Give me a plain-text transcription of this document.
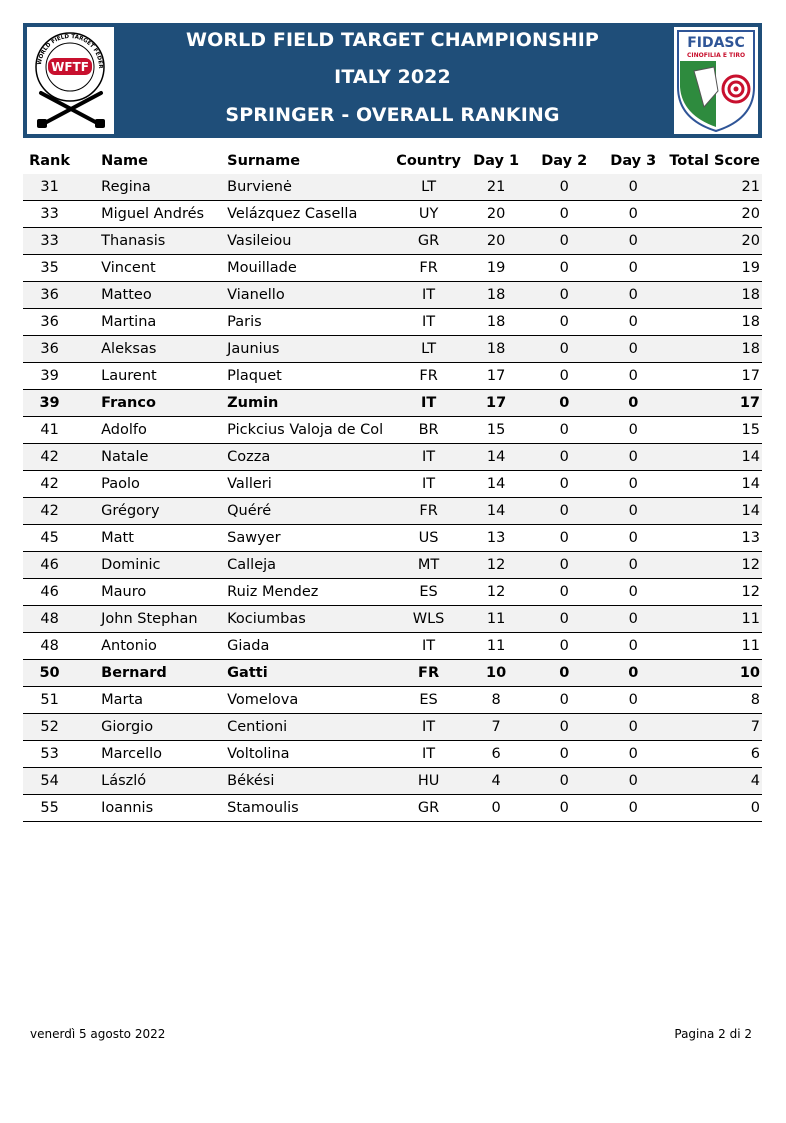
WORLD FIELD TARGET FEDER
WFTF
WORLD FIELD TARGET CHAMPIONSHIP
ITALY 2022
SPRINGER - OVERALL RANKING
FIDASC
CINOFILIA E TIRO
Rank	Name	Surname	Country	Day 1	Day 2	Day 3	Total Score
31	Regina	Burvienė	LT	21	0	0	21
33	Miguel Andrés	Velázquez Casella	UY	20	0	0	20
33	Thanasis	Vasileiou	GR	20	0	0	20
35	Vincent	Mouillade	FR	19	0	0	19
36	Matteo	Vianello	IT	18	0	0	18
36	Martina	Paris	IT	18	0	0	18
36	Aleksas	Jaunius	LT	18	0	0	18
39	Laurent	Plaquet	FR	17	0	0	17
39	Franco	Zumin	IT	17	0	0	17
41	Adolfo	Pickcius Valoja de Col	BR	15	0	0	15
42	Natale	Cozza	IT	14	0	0	14
42	Paolo	Valleri	IT	14	0	0	14
42	Grégory	Quéré	FR	14	0	0	14
45	Matt	Sawyer	US	13	0	0	13
46	Dominic	Calleja	MT	12	0	0	12
46	Mauro	Ruiz Mendez	ES	12	0	0	12
48	John Stephan	Kociumbas	WLS	11	0	0	11
48	Antonio	Giada	IT	11	0	0	11
50	Bernard	Gatti	FR	10	0	0	10
51	Marta	Vomelova	ES	8	0	0	8
52	Giorgio	Centioni	IT	7	0	0	7
53	Marcello	Voltolina	IT	6	0	0	6
54	László	Békési	HU	4	0	0	4
55	Ioannis	Stamoulis	GR	0	0	0	0
venerdì 5 agosto 2022	Pagina 2 di 2
